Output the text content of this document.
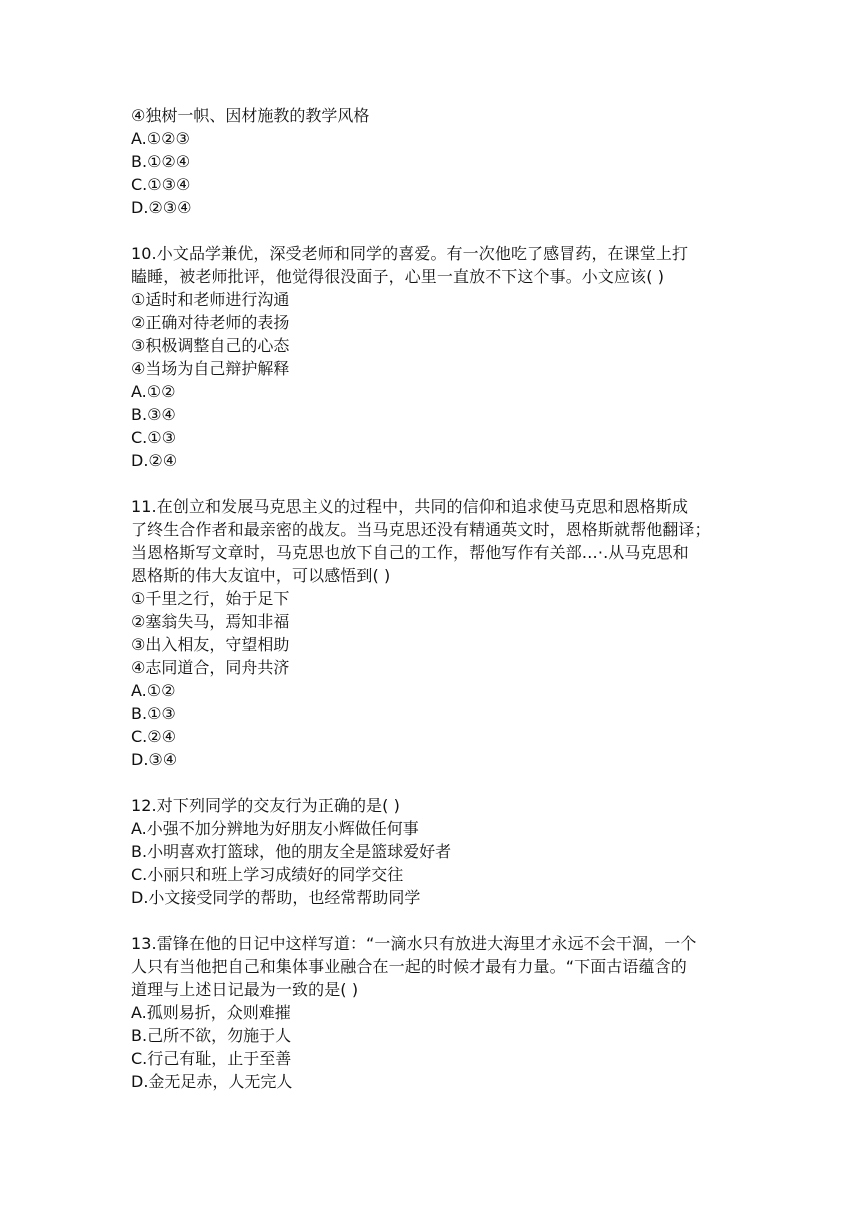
④独树一帜、因材施教的教学风格
A.①②③
B.①②④
C.①③④
D.②③④
10.小文品学兼优，深受老师和同学的喜爱。有一次他吃了感冒药，在课堂上打
瞌睡，被老师批评，他觉得很没面子，心里一直放不下这个事。小文应该( )
①适时和老师进行沟通
②正确对待老师的表扬
③积极调整自己的心态
④当场为自己辩护解释
A.①②
B.③④
C.①③
D.②④
11.在创立和发展马克思主义的过程中，共同的信仰和追求使马克思和恩格斯成
了终生合作者和最亲密的战友。当马克思还没有精通英文时，恩格斯就帮他翻译；
当恩格斯写文章时，马克思也放下自己的工作，帮他写作有关部…·.从马克思和
恩格斯的伟大友谊中，可以感悟到( )
①千里之行，始于足下
②塞翁失马，焉知非福
③出入相友，守望相助
④志同道合，同舟共济
A.①②
B.①③
C.②④
D.③④
12.对下列同学的交友行为正确的是( )
A.小强不加分辨地为好朋友小辉做任何事
B.小明喜欢打篮球，他的朋友全是篮球爱好者
C.小丽只和班上学习成绩好的同学交往
D.小文接受同学的帮助，也经常帮助同学
13.雷锋在他的日记中这样写道：“一滴水只有放进大海里才永远不会干涸，一个
人只有当他把自己和集体事业融合在一起的时候才最有力量。“下面古语蕴含的
道理与上述日记最为一致的是( )
A.孤则易折，众则难摧
B.己所不欲，勿施于人
C.行己有耻，止于至善
D.金无足赤，人无完人
